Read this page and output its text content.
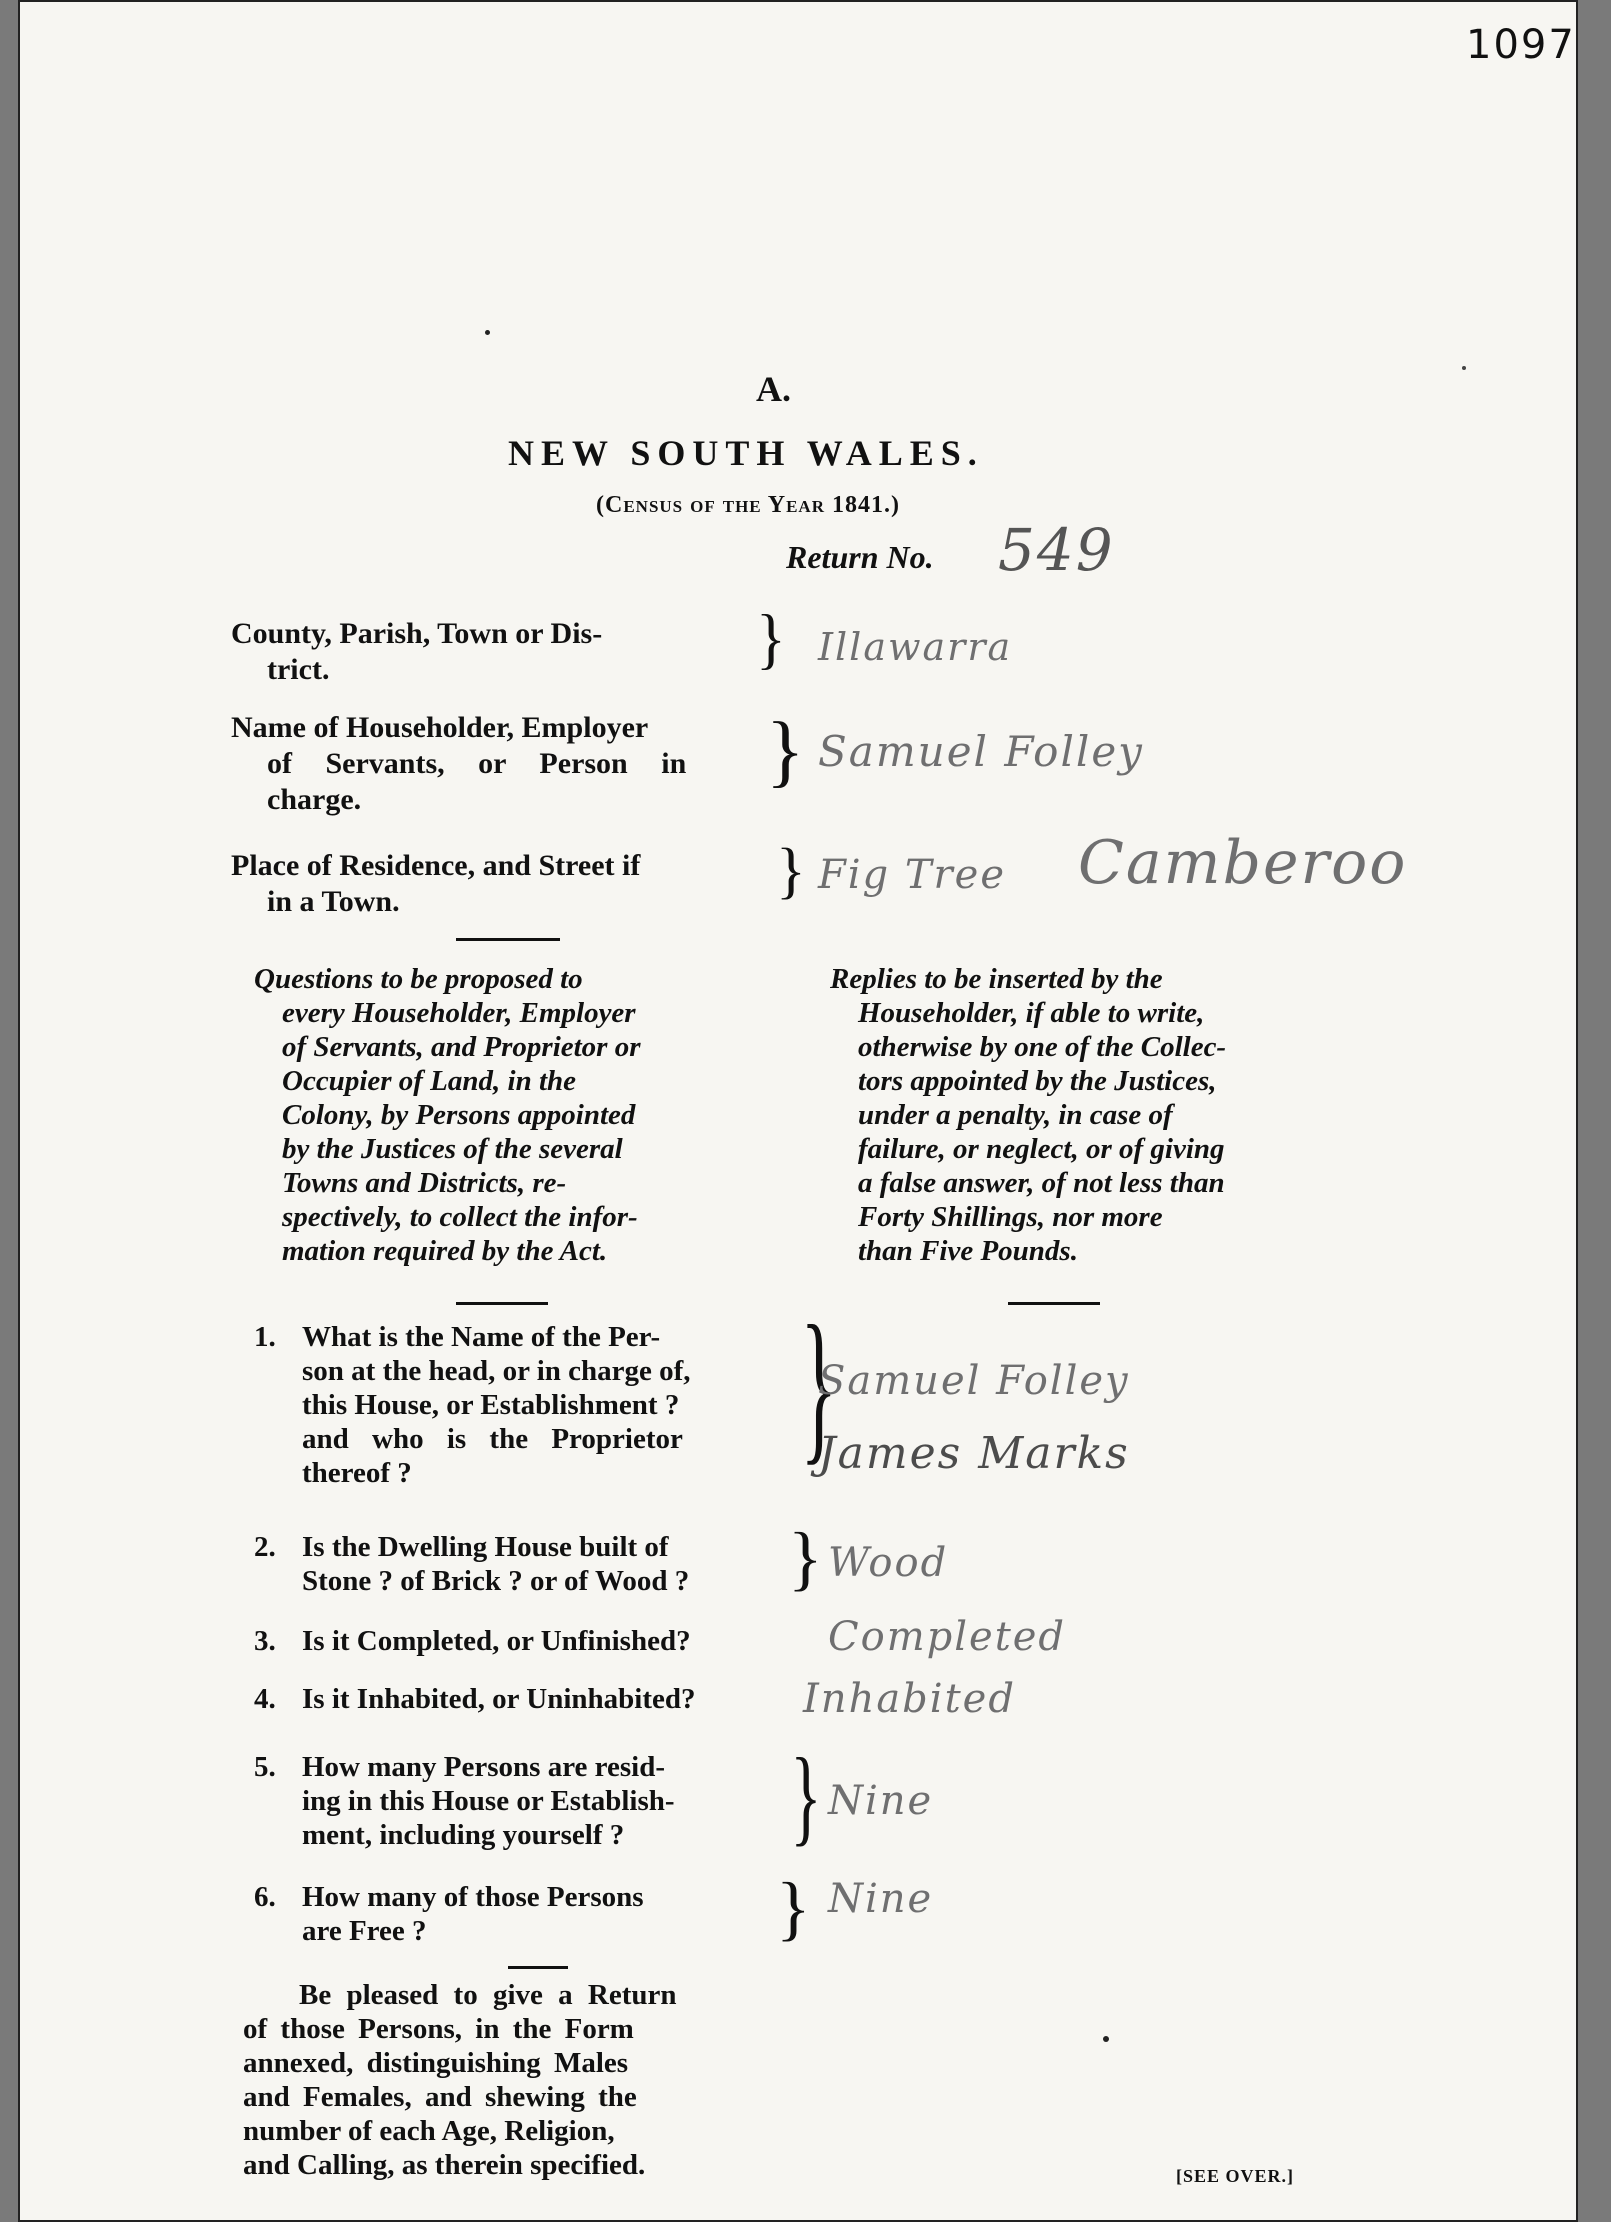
1097
A.
NEW SOUTH WALES.
(Census of the Year 1841.)
Return No. 549
County, Parish, Town or Dis-
trict.	} Illawarra
Name of Householder, Employer
of Servants, or Person in
charge.
} Samuel Folley
Place of Residence, and Street if
in a Town.	} Fig Tree Camberoo
Questions to be proposed to
every Householder, Employer
of Servants, and Proprietor or
Occupier of Land, in the
Colony, by Persons appointed
by the Justices of the several
Towns and Districts, re-
spectively, to collect the infor-
mation required by the Act.
Replies to be inserted by the
Householder, if able to write,
otherwise by one of the Collec-
tors appointed by the Justices,
under a penalty, in case of
failure, or neglect, or of giving
a false answer, of not less than
Forty Shillings, nor more
than Five Pounds.
1. What is the Name of the Per-
son at the head, or in charge of,
this House, or Establishment ?
and who is the Proprietor
thereof ?	}
Samuel Folley
James Marks
2. Is the Dwelling House built of
Stone ? of Brick ? or of Wood ?	} Wood
3. Is it Completed, or Unfinished?	Completed
4. Is it Inhabited, or Uninhabited?	Inhabited
5. How many Persons are resid-
ing in this House or Establish-
ment, including yourself ?	} Nine
6. How many of those Persons
are Free ?	} Nine
Be pleased to give a Return
of those Persons, in the Form
annexed, distinguishing Males
and Females, and shewing the
number of each Age, Religion,
and Calling, as therein specified.	[SEE OVER.]
